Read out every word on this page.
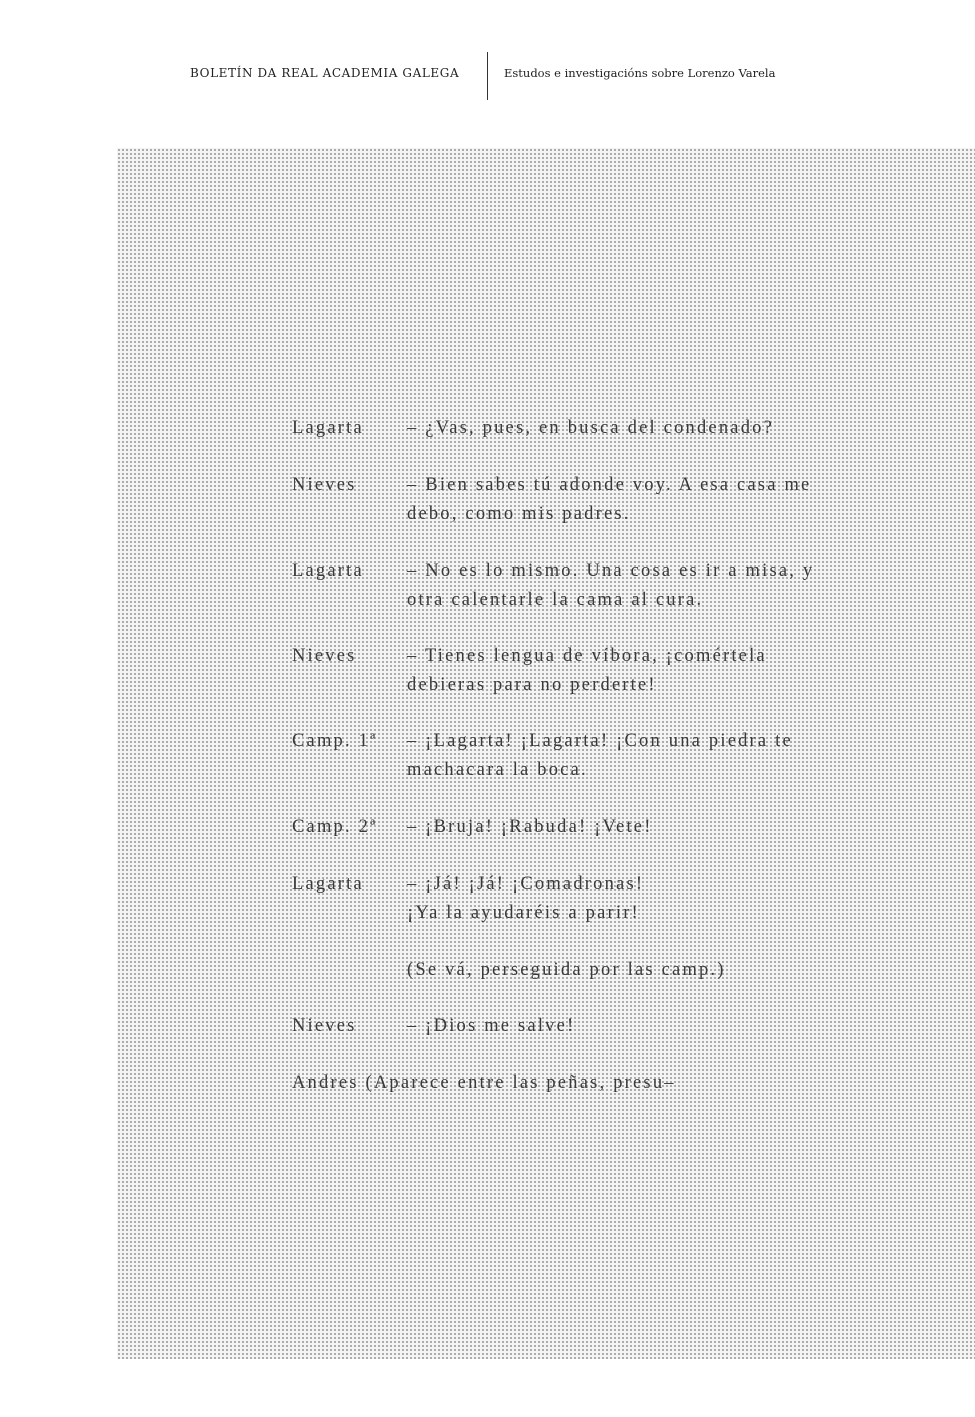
BOLETÍN DA REAL ACADEMIA GALEGA	Estudos e investigacións sobre Lorenzo Varela
Lagarta	– ¿Vas, pues, en busca del condenado?
Nieves	– Bien sabes tú adonde voy. A esa casa me
debo, como mis padres.
Lagarta	– No es lo mismo. Una cosa es ir a misa, y
otra calentarle la cama al cura.
Nieves	– Tienes lengua de víbora, ¡comértela
debieras para no perderte!
Camp. 1ª	– ¡Lagarta! ¡Lagarta! ¡Con una piedra te
machacara la boca.
Camp. 2ª	– ¡Bruja! ¡Rabuda! ¡Vete!
Lagarta	– ¡Já! ¡Já! ¡Comadronas!
¡Ya la ayudaréis a parir!
(Se vá, perseguida por las camp.)
Nieves	– ¡Dios me salve!
Andres (Aparece entre las peñas, presu–
